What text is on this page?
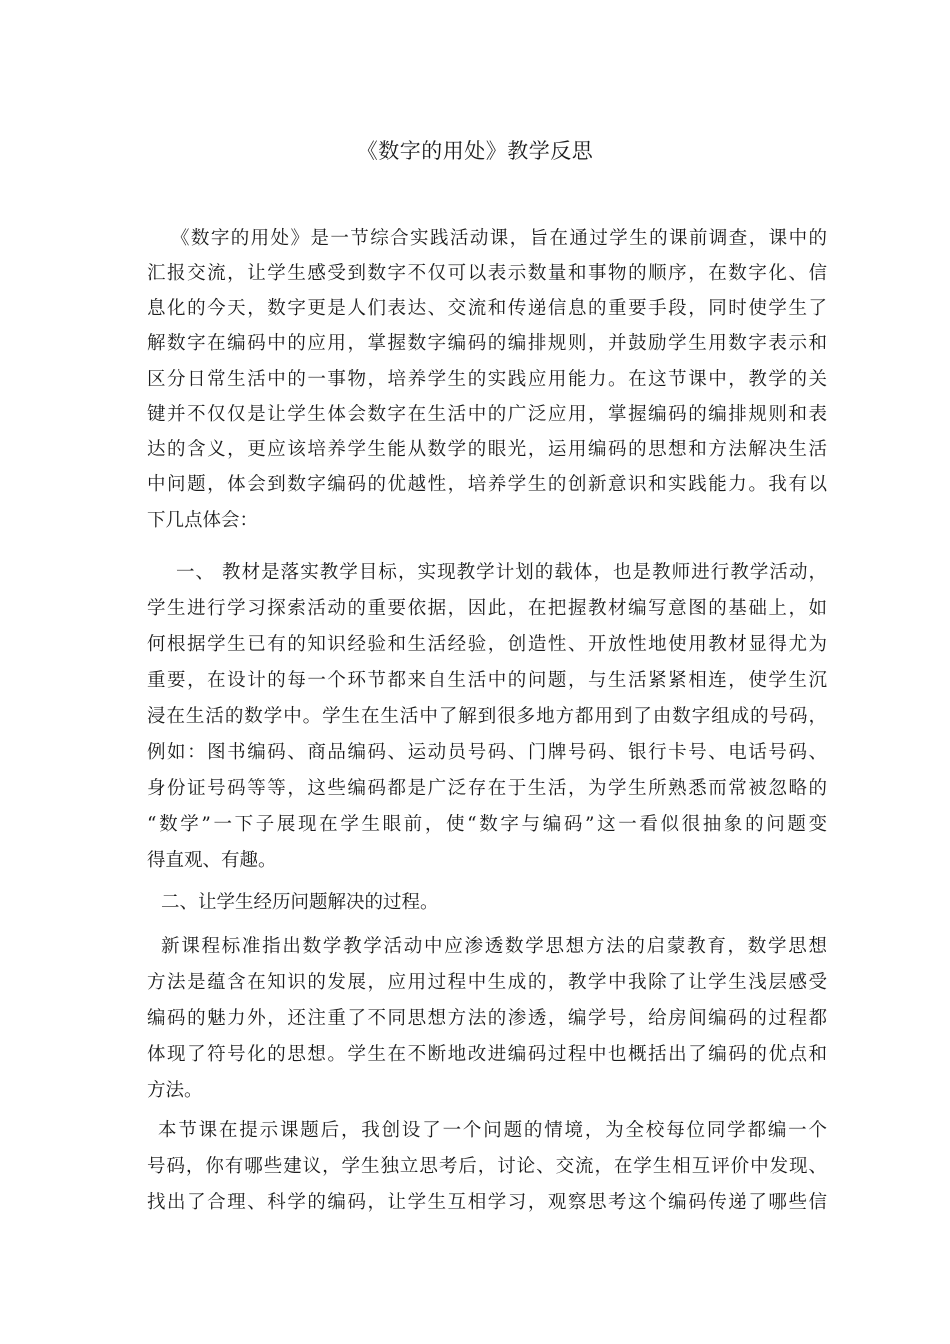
《数字的用处》教学反思
《数字的用处》是一节综合实践活动课，旨在通过学生的课前调查，课中的
汇报交流，让学生感受到数字不仅可以表示数量和事物的顺序，在数字化、信
息化的今天，数字更是人们表达、交流和传递信息的重要手段，同时使学生了
解数字在编码中的应用，掌握数字编码的编排规则，并鼓励学生用数字表示和
区分日常生活中的一事物，培养学生的实践应用能力。在这节课中，教学的关
键并不仅仅是让学生体会数字在生活中的广泛应用，掌握编码的编排规则和表
达的含义，更应该培养学生能从数学的眼光，运用编码的思想和方法解决生活
中问题，体会到数字编码的优越性，培养学生的创新意识和实践能力。我有以
下几点体会：
一、 教材是落实教学目标，实现教学计划的载体，也是教师进行教学活动，
学生进行学习探索活动的重要依据，因此，在把握教材编写意图的基础上，如
何根据学生已有的知识经验和生活经验，创造性、开放性地使用教材显得尤为
重要，在设计的每一个环节都来自生活中的问题，与生活紧紧相连，使学生沉
浸在生活的数学中。学生在生活中了解到很多地方都用到了由数字组成的号码，
例如：图书编码、商品编码、运动员号码、门牌号码、银行卡号、电话号码、
身份证号码等等，这些编码都是广泛存在于生活，为学生所熟悉而常被忽略的
“数学”一下子展现在学生眼前，使“数字与编码”这一看似很抽象的问题变
得直观、有趣。
二、让学生经历问题解决的过程。
新课程标准指出数学教学活动中应渗透数学思想方法的启蒙教育，数学思想
方法是蕴含在知识的发展，应用过程中生成的，教学中我除了让学生浅层感受
编码的魅力外，还注重了不同思想方法的渗透，编学号，给房间编码的过程都
体现了符号化的思想。学生在不断地改进编码过程中也概括出了编码的优点和
方法。
本节课在提示课题后，我创设了一个问题的情境，为全校每位同学都编一个
号码，你有哪些建议，学生独立思考后，讨论、交流，在学生相互评价中发现、
找出了合理、科学的编码，让学生互相学习，观察思考这个编码传递了哪些信
